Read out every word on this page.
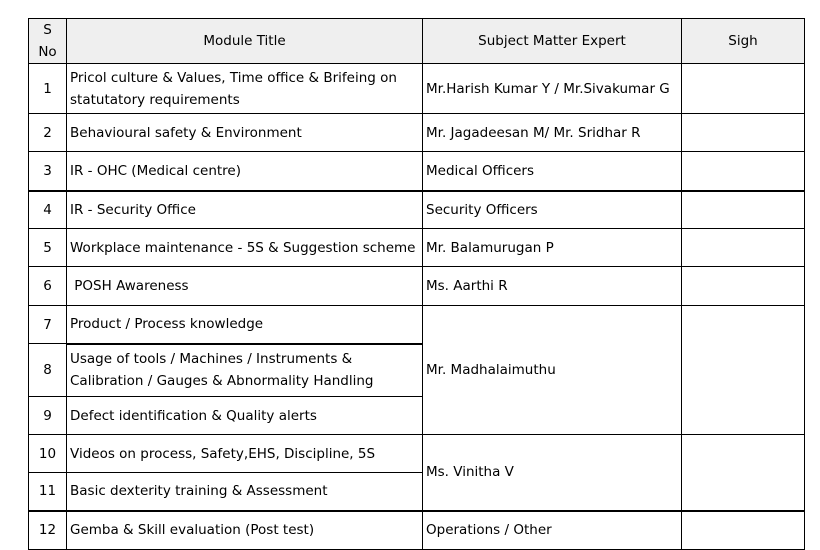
S No	Module Title	Subject Matter Expert	Sigh
1	Pricol culture & Values, Time office & Brifeing on statutatory requirements	Mr.Harish Kumar Y / Mr.Sivakumar G	
2	Behavioural safety & Environment	Mr. Jagadeesan M/ Mr. Sridhar R	
3	IR - OHC (Medical centre)	Medical Officers	
4	IR - Security Office	Security Officers	
5	Workplace maintenance - 5S & Suggestion scheme	Mr. Balamurugan P	
6	POSH Awareness	Ms. Aarthi R	
7	Product / Process knowledge	Mr. Madhalaimuthu	
8	Usage of tools / Machines / Instruments & Calibration / Gauges & Abnormality Handling		
9	Defect identification & Quality alerts		
10	Videos on process, Safety,EHS, Discipline, 5S	Ms. Vinitha V	
11	Basic dexterity training & Assessment		
12	Gemba & Skill evaluation (Post test)	Operations / Other	
